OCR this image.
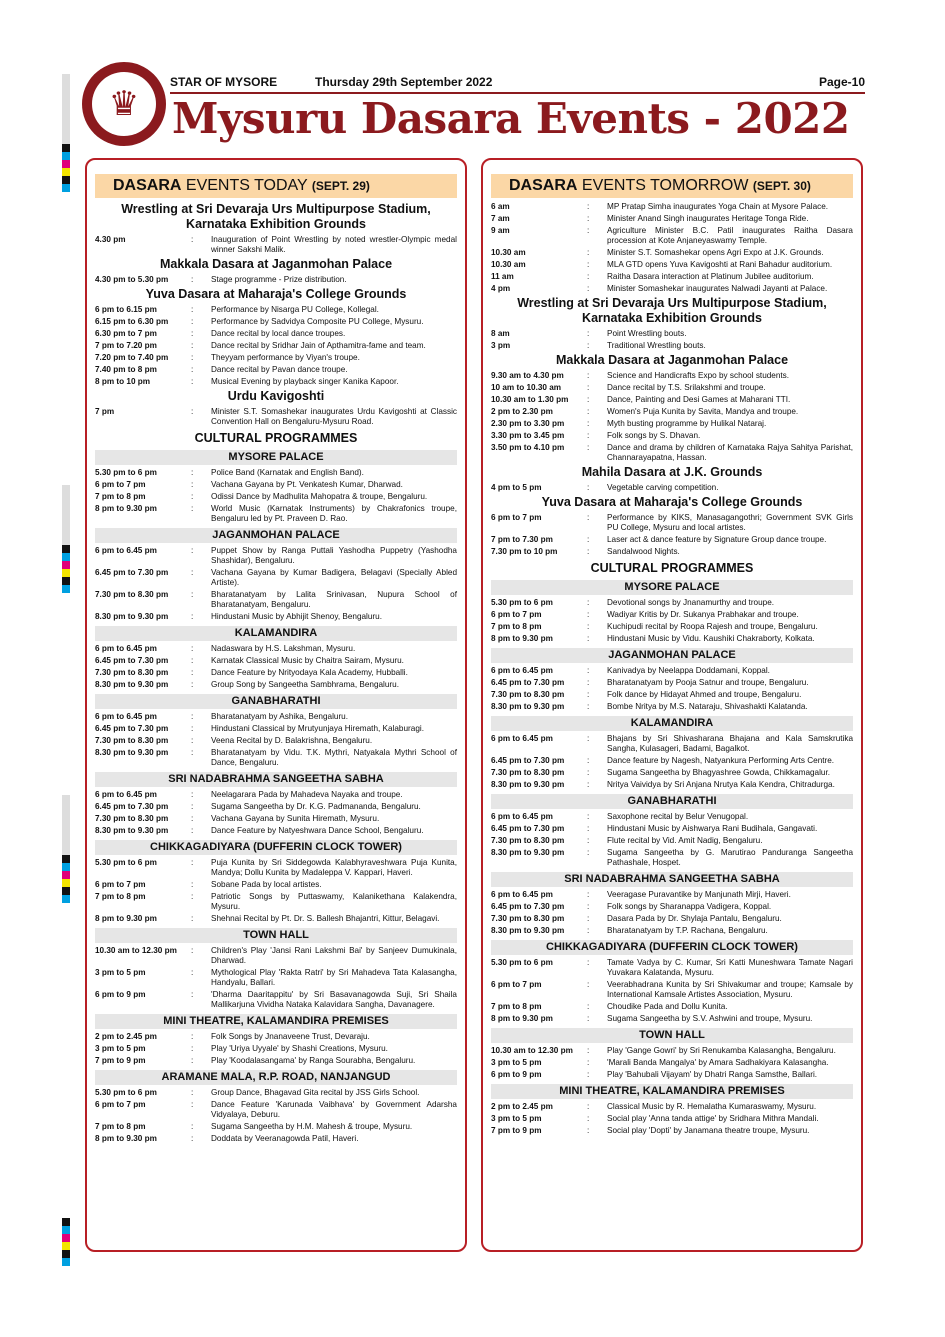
♛
STAR OF MYSORE	Thursday 29th September 2022	Page-10
Mysuru Dasara Events - 2022
DASARA EVENTS TODAY (SEPT. 29)
Wrestling at Sri Devaraja Urs Multipurpose Stadium, Karnataka Exhibition Grounds
4.30 pm	:	Inauguration of Point Wrestling by noted wrestler-Olympic medal winner Sakshi Malik.
Makkala Dasara at Jaganmohan Palace
4.30 pm to 5.30 pm	:	Stage programme - Prize distribution.
Yuva Dasara at Maharaja's College Grounds
6 pm to 6.15 pm	:	Performance by Nisarga PU College, Kollegal.
6.15 pm to 6.30 pm	:	Performance by Sadvidya Composite PU College, Mysuru.
6.30 pm to 7 pm	:	Dance recital by local dance troupes.
7 pm to 7.20 pm	:	Dance recital by Sridhar Jain of Apthamitra-fame and team.
7.20 pm to 7.40 pm	:	Theyyam performance by Viyan's troupe.
7.40 pm to 8 pm	:	Dance recital by Pavan dance troupe.
8 pm to 10 pm	:	Musical Evening by playback singer Kanika Kapoor.
Urdu Kavigoshti
7 pm	:	Minister S.T. Somashekar inaugurates Urdu Kavigoshti at Classic Convention Hall on Bengaluru-Mysuru Road.
CULTURAL PROGRAMMES
MYSORE PALACE
5.30 pm to 6 pm	:	Police Band (Karnatak and English Band).
6 pm to 7 pm	:	Vachana Gayana by Pt. Venkatesh Kumar, Dharwad.
7 pm to 8 pm	:	Odissi Dance by Madhulita Mahopatra & troupe, Bengaluru.
8 pm to 9.30 pm	:	World Music (Karnatak Instruments) by Chakrafonics troupe, Bengaluru led by Pt. Praveen D. Rao.
JAGANMOHAN PALACE
6 pm to 6.45 pm	:	Puppet Show by Ranga Puttali Yashodha Puppetry (Yashodha Shashidar), Bengaluru.
6.45 pm to 7.30 pm	:	Vachana Gayana by Kumar Badigera, Belagavi (Specially Abled Artiste).
7.30 pm to 8.30 pm	:	Bharatanatyam by Lalita Srinivasan, Nupura School of Bharatanatyam, Bengaluru.
8.30 pm to 9.30 pm	:	Hindustani Music by Abhijit Shenoy, Bengaluru.
KALAMANDIRA
6 pm to 6.45 pm	:	Nadaswara by H.S. Lakshman, Mysuru.
6.45 pm to 7.30 pm	:	Karnatak Classical Music by Chaitra Sairam, Mysuru.
7.30 pm to 8.30 pm	:	Dance Feature by Nrityodaya Kala Academy, Hubballi.
8.30 pm to 9.30 pm	:	Group Song by Sangeetha Sambhrama, Bengaluru.
GANABHARATHI
6 pm to 6.45 pm	:	Bharatanatyam by Ashika, Bengaluru.
6.45 pm to 7.30 pm	:	Hindustani Classical by Mrutyunjaya Hiremath, Kalaburagi.
7.30 pm to 8.30 pm	:	Veena Recital by D. Balakrishna, Bengaluru.
8.30 pm to 9.30 pm	:	Bharatanatyam by Vidu. T.K. Mythri, Natyakala Mythri School of Dance, Bengaluru.
SRI NADABRAHMA SANGEETHA SABHA
6 pm to 6.45 pm	:	Neelagarara Pada by Mahadeva Nayaka and troupe.
6.45 pm to 7.30 pm	:	Sugama Sangeetha by Dr. K.G. Padmananda, Bengaluru.
7.30 pm to 8.30 pm	:	Vachana Gayana by Sunita Hiremath, Mysuru.
8.30 pm to 9.30 pm	:	Dance Feature by Natyeshwara Dance School, Bengaluru.
CHIKKAGADIYARA (DUFFERIN CLOCK TOWER)
5.30 pm to 6 pm	:	Puja Kunita by Sri Siddegowda Kalabhyraveshwara Puja Kunita, Mandya; Dollu Kunita by Madaleppa V. Kappari, Haveri.
6 pm to 7 pm	:	Sobane Pada by local artistes.
7 pm to 8 pm	:	Patriotic Songs by Puttaswamy, Kalanikethana Kalakendra, Mysuru.
8 pm to 9.30 pm	:	Shehnai Recital by Pt. Dr. S. Ballesh Bhajantri, Kittur, Belagavi.
TOWN HALL
10.30 am to 12.30 pm	:	Children's Play 'Jansi Rani Lakshmi Bai' by Sanjeev Dumukinala, Dharwad.
3 pm to 5 pm	:	Mythological Play 'Rakta Ratri' by Sri Mahadeva Tata Kalasangha, Handyalu, Ballari.
6 pm to 9 pm	:	'Dharma Daaritappitu' by Sri Basavanagowda Suji, Sri Shaila Mallikarjuna Vividha Nataka Kalavidara Sangha, Davanagere.
MINI THEATRE, KALAMANDIRA PREMISES
2 pm to 2.45 pm	:	Folk Songs by Jnanaveene Trust, Devaraju.
3 pm to 5 pm	:	Play 'Uriya Uyyale' by Shashi Creations, Mysuru.
7 pm to 9 pm	:	Play 'Koodalasangama' by Ranga Sourabha, Bengaluru.
ARAMANE MALA, R.P. ROAD, NANJANGUD
5.30 pm to 6 pm	:	Group Dance, Bhagavad Gita recital by JSS Girls School.
6 pm to 7 pm	:	Dance Feature 'Karunada Vaibhava' by Government Adarsha Vidyalaya, Deburu.
7 pm to 8 pm	:	Sugama Sangeetha by H.M. Mahesh & troupe, Mysuru.
8 pm to 9.30 pm	:	Doddata by Veeranagowda Patil, Haveri.
DASARA EVENTS TOMORROW (SEPT. 30)
6 am	:	MP Pratap Simha inaugurates Yoga Chain at Mysore Palace.
7 am	:	Minister Anand Singh inaugurates Heritage Tonga Ride.
9 am	:	Agriculture Minister B.C. Patil inaugurates Raitha Dasara procession at Kote Anjaneyaswamy Temple.
10.30 am	:	Minister S.T. Somashekar opens Agri Expo at J.K. Grounds.
10.30 am	:	MLA GTD opens Yuva Kavigoshti at Rani Bahadur auditorium.
11 am	:	Raitha Dasara interaction at Platinum Jubilee auditorium.
4 pm	:	Minister Somashekar inaugurates Nalwadi Jayanti at Palace.
Wrestling at Sri Devaraja Urs Multipurpose Stadium, Karnataka Exhibition Grounds
8 am	:	Point Wrestling bouts.
3 pm	:	Traditional Wrestling bouts.
Makkala Dasara at Jaganmohan Palace
9.30 am to 4.30 pm	:	Science and Handicrafts Expo by school students.
10 am to 10.30 am	:	Dance recital by T.S. Srilakshmi and troupe.
10.30 am to 1.30 pm	:	Dance, Painting and Desi Games at Maharani TTI.
2 pm to 2.30 pm	:	Women's Puja Kunita by Savita, Mandya and troupe.
2.30 pm to 3.30 pm	:	Myth busting programme by Hulikal Nataraj.
3.30 pm to 3.45 pm	:	Folk songs by S. Dhavan.
3.50 pm to 4.10 pm	:	Dance and drama by children of Karnataka Rajya Sahitya Parishat, Channarayapatna, Hassan.
Mahila Dasara at J.K. Grounds
4 pm to 5 pm	:	Vegetable carving competition.
Yuva Dasara at Maharaja's College Grounds
6 pm to 7 pm	:	Performance by KIKS, Manasagangothri; Government SVK Girls PU College, Mysuru and local artistes.
7 pm to 7.30 pm	:	Laser act & dance feature by Signature Group dance troupe.
7.30 pm to 10 pm	:	Sandalwood Nights.
CULTURAL PROGRAMMES
MYSORE PALACE
5.30 pm to 6 pm	:	Devotional songs by Jnanamurthy and troupe.
6 pm to 7 pm	:	Wadiyar Kritis by Dr. Sukanya Prabhakar and troupe.
7 pm to 8 pm	:	Kuchipudi recital by Roopa Rajesh and troupe, Bengaluru.
8 pm to 9.30 pm	:	Hindustani Music by Vidu. Kaushiki Chakraborty, Kolkata.
JAGANMOHAN PALACE
6 pm to 6.45 pm	:	Kanivadya by Neelappa Doddamani, Koppal.
6.45 pm to 7.30 pm	:	Bharatanatyam by Pooja Satnur and troupe, Bengaluru.
7.30 pm to 8.30 pm	:	Folk dance by Hidayat Ahmed and troupe, Bengaluru.
8.30 pm to 9.30 pm	:	Bombe Nritya by M.S. Nataraju, Shivashakti Kalatanda.
KALAMANDIRA
6 pm to 6.45 pm	:	Bhajans by Sri Shivasharana Bhajana and Kala Samskrutika Sangha, Kulasageri, Badami, Bagalkot.
6.45 pm to 7.30 pm	:	Dance feature by Nagesh, Natyankura Performing Arts Centre.
7.30 pm to 8.30 pm	:	Sugama Sangeetha by Bhagyashree Gowda, Chikkamagalur.
8.30 pm to 9.30 pm	:	Nritya Vaividya by Sri Anjana Nrutya Kala Kendra, Chitradurga.
GANABHARATHI
6 pm to 6.45 pm	:	Saxophone recital by Belur Venugopal.
6.45 pm to 7.30 pm	:	Hindustani Music by Aishwarya Rani Budihala, Gangavati.
7.30 pm to 8.30 pm	:	Flute recital by Vid. Amit Nadig, Bengaluru.
8.30 pm to 9.30 pm	:	Sugama Sangeetha by G. Marutirao Panduranga Sangeetha Pathashale, Hospet.
SRI NADABRAHMA SANGEETHA SABHA
6 pm to 6.45 pm	:	Veeragase Puravantike by Manjunath Mirji, Haveri.
6.45 pm to 7.30 pm	:	Folk songs by Sharanappa Vadigera, Koppal.
7.30 pm to 8.30 pm	:	Dasara Pada by Dr. Shylaja Pantalu, Bengaluru.
8.30 pm to 9.30 pm	:	Bharatanatyam by T.P. Rachana, Bengaluru.
CHIKKAGADIYARA (DUFFERIN CLOCK TOWER)
5.30 pm to 6 pm	:	Tamate Vadya by C. Kumar, Sri Katti Muneshwara Tamate Nagari Yuvakara Kalatanda, Mysuru.
6 pm to 7 pm	:	Veerabhadrana Kunita by Sri Shivakumar and troupe; Kamsale by International Kamsale Artistes Association, Mysuru.
7 pm to 8 pm	:	Choudike Pada and Dollu Kunita.
8 pm to 9.30 pm	:	Sugama Sangeetha by S.V. Ashwini and troupe, Mysuru.
TOWN HALL
10.30 am to 12.30 pm	:	Play 'Gange Gowri' by Sri Renukamba Kalasangha, Bengaluru.
3 pm to 5 pm	:	'Marali Banda Mangalya' by Amara Sadhakiyara Kalasangha.
6 pm to 9 pm	:	Play 'Bahubali Vijayam' by Dhatri Ranga Samsthe, Ballari.
MINI THEATRE, KALAMANDIRA PREMISES
2 pm to 2.45 pm	:	Classical Music by R. Hemalatha Kumaraswamy, Mysuru.
3 pm to 5 pm	:	Social play 'Anna tanda attige' by Sridhara Mithra Mandali.
7 pm to 9 pm	:	Social play 'Dopti' by Janamana theatre troupe, Mysuru.
